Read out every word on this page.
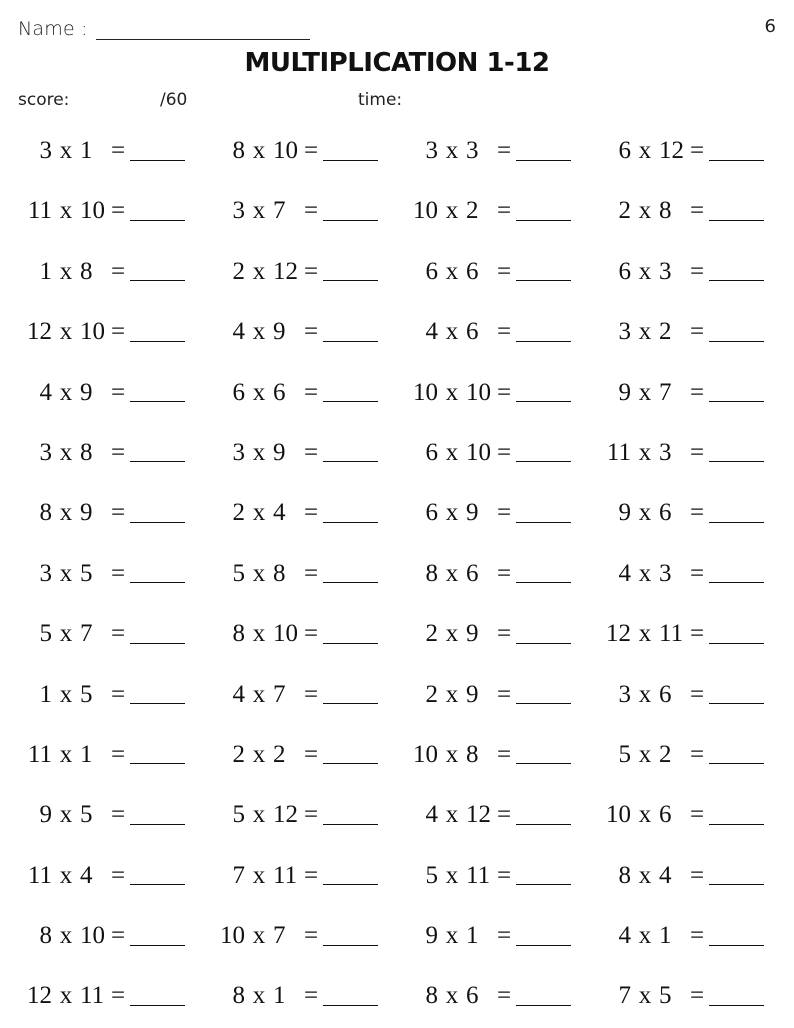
Name :	6
MULTIPLICATION 1-12
score:	/60	time:
3 x 1 =	8 x 10 =	3 x 3 =	6 x 12 =
11 x 10 =	3 x 7 =	10 x 2 =	2 x 8 =
1 x 8 =	2 x 12 =	6 x 6 =	6 x 3 =
12 x 10 =	4 x 9 =	4 x 6 =	3 x 2 =
4 x 9 =	6 x 6 =	10 x 10 =	9 x 7 =
3 x 8 =	3 x 9 =	6 x 10 =	11 x 3 =
8 x 9 =	2 x 4 =	6 x 9 =	9 x 6 =
3 x 5 =	5 x 8 =	8 x 6 =	4 x 3 =
5 x 7 =	8 x 10 =	2 x 9 =	12 x 11 =
1 x 5 =	4 x 7 =	2 x 9 =	3 x 6 =
11 x 1 =	2 x 2 =	10 x 8 =	5 x 2 =
9 x 5 =	5 x 12 =	4 x 12 =	10 x 6 =
11 x 4 =	7 x 11 =	5 x 11 =	8 x 4 =
8 x 10 =	10 x 7 =	9 x 1 =	4 x 1 =
12 x 11 =	8 x 1 =	8 x 6 =	7 x 5 =
